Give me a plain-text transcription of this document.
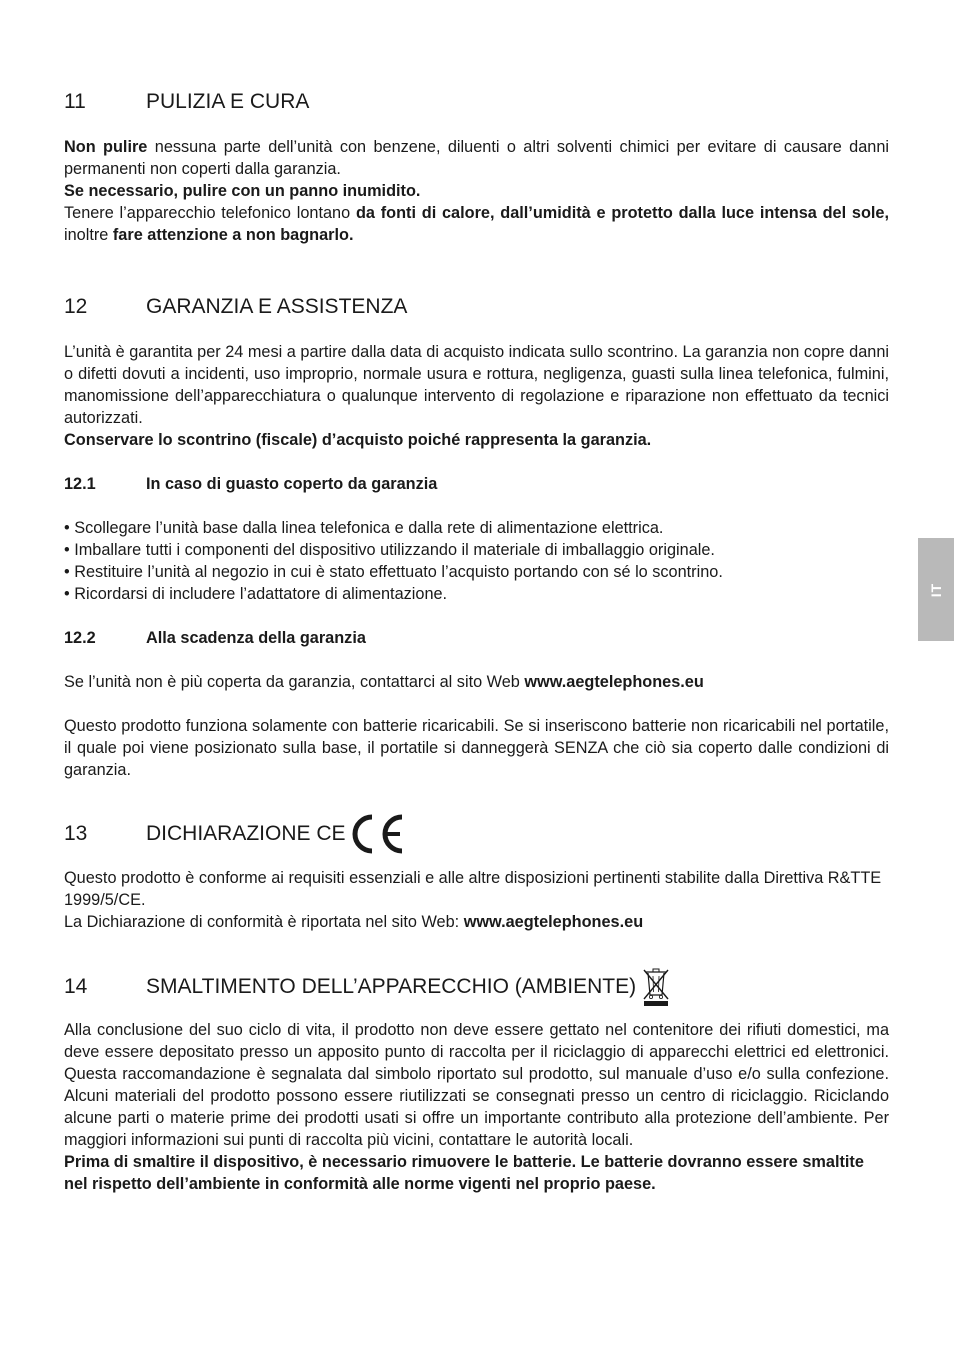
11	PULIZIA E CURA

Non pulire nessuna parte dell’unità con benzene, diluenti o altri solventi chimici per evitare di causare danni permanenti non coperti dalla garanzia.

Se necessario, pulire con un panno inumidito.

Tenere l’apparecchio telefonico lontano da fonti di calore, dall’umidità e protetto dalla luce intensa del sole, inoltre fare attenzione a non bagnarlo.

12	GARANZIA E ASSISTENZA

L’unità è garantita per 24 mesi a partire dalla data di acquisto indicata sullo scontrino. La garanzia non copre danni o difetti dovuti a incidenti, uso improprio, normale usura e rottura, negligenza, guasti sulla linea telefonica, fulmini, manomissione dell’apparecchiatura o qualunque intervento di regolazione e riparazione non effettuato da tecnici autorizzati.

Conservare lo scontrino (fiscale) d’acquisto poiché rappresenta la garanzia.

12.1	In caso di guasto coperto da garanzia

• Scollegare l’unità base dalla linea telefonica e dalla rete di alimentazione elettrica.

• Imballare tutti i componenti del dispositivo utilizzando il materiale di imballaggio originale.

• Restituire l’unità al negozio in cui è stato effettuato l’acquisto portando con sé lo scontrino.

• Ricordarsi di includere l’adattatore di alimentazione.

12.2	Alla scadenza della garanzia

Se l’unità non è più coperta da garanzia, contattarci al sito Web www.aegtelephones.eu

Questo prodotto funziona solamente con batterie ricaricabili. Se si inseriscono batterie non ricaricabili nel portatile, il quale poi viene posizionato sulla base, il portatile si danneggerà SENZA che ciò sia coperto dalle condizioni di garanzia.

13	DICHIARAZIONE CE

Questo prodotto è conforme ai requisiti essenziali e alle altre disposizioni pertinenti stabilite dalla Direttiva R&TTE 1999/5/CE.

La Dichiarazione di conformità è riportata nel sito Web: www.aegtelephones.eu

14	SMALTIMENTO DELL’APPARECCHIO (AMBIENTE)

Alla conclusione del suo ciclo di vita, il prodotto non deve essere gettato nel contenitore dei rifiuti domestici, ma deve essere depositato presso un apposito punto di raccolta per il riciclaggio di apparecchi elettrici ed elettronici. Questa raccomandazione è segnalata dal simbolo riportato sul prodotto, sul manuale d’uso e/o sulla confezione. Alcuni materiali del prodotto possono essere riutilizzati se consegnati presso un centro di riciclaggio. Riciclando alcune parti o materie prime dei prodotti usati si offre un importante contributo alla protezione dell’ambiente. Per maggiori informazioni sui punti di raccolta più vicini, contattare le autorità locali.

Prima di smaltire il dispositivo, è necessario rimuovere le batterie. Le batterie dovranno essere smaltite nel rispetto dell’ambiente in conformità alle norme vigenti nel proprio paese.

IT
